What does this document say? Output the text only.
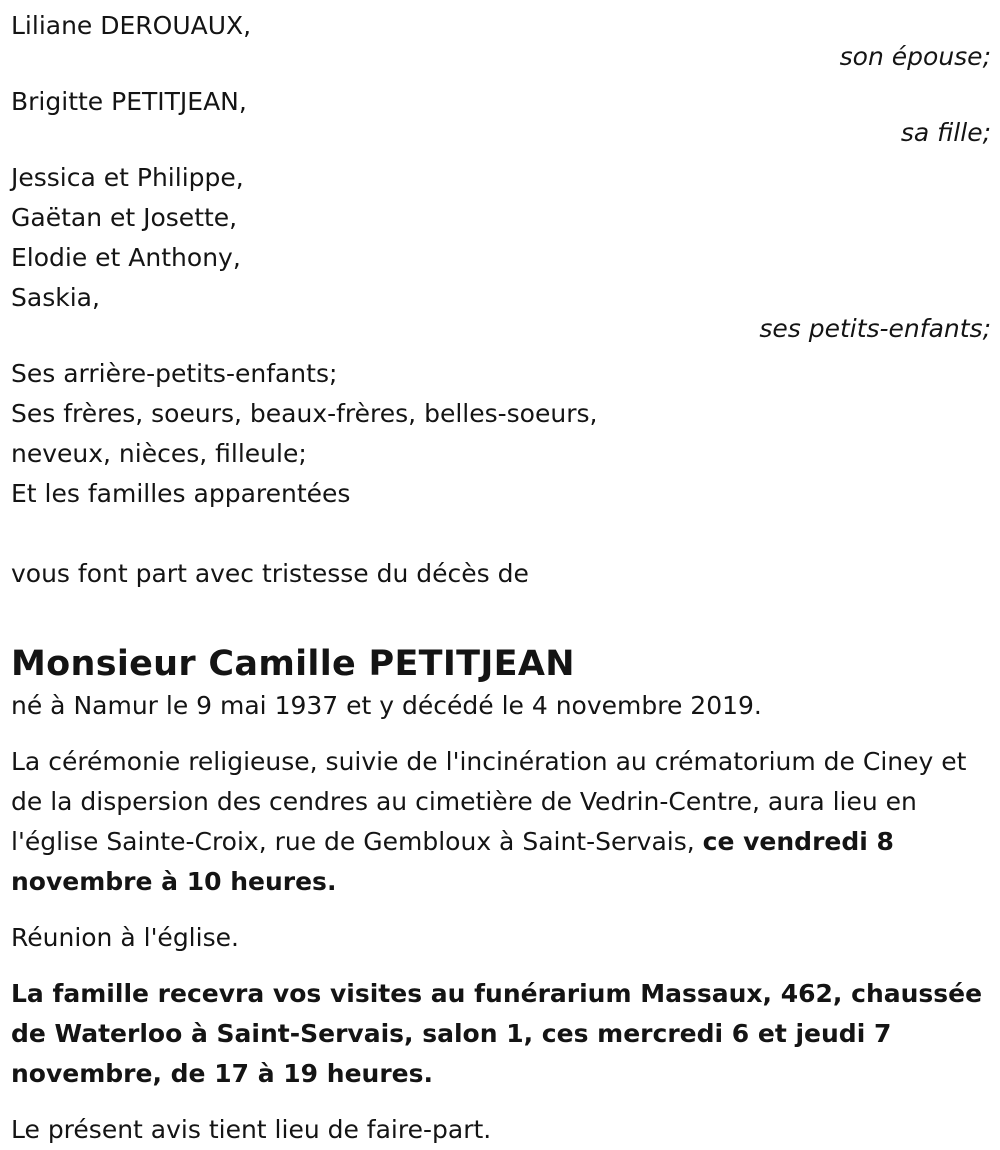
Liliane DEROUAUX,
son épouse;
Brigitte PETITJEAN,
sa fille;
Jessica et Philippe,
Gaëtan et Josette,
Elodie et Anthony,
Saskia,
ses petits-enfants;
Ses arrière-petits-enfants;
Ses frères, soeurs, beaux-frères, belles-soeurs,
neveux, nièces, filleule;
Et les familles apparentées
vous font part avec tristesse du décès de
Monsieur Camille PETITJEAN
né à Namur le 9 mai 1937 et y décédé le 4 novembre 2019.
La cérémonie religieuse, suivie de l'incinération au crématorium de Ciney et de la dispersion des cendres au cimetière de Vedrin-Centre, aura lieu en l'église Sainte-Croix, rue de Gembloux à Saint-Servais, ce vendredi 8 novembre à 10 heures.
Réunion à l'église.
La famille recevra vos visites au funérarium Massaux, 462, chaussée de Waterloo à Saint-Servais, salon 1, ces mercredi 6 et jeudi 7 novembre, de 17 à 19 heures.
Le présent avis tient lieu de faire-part.
